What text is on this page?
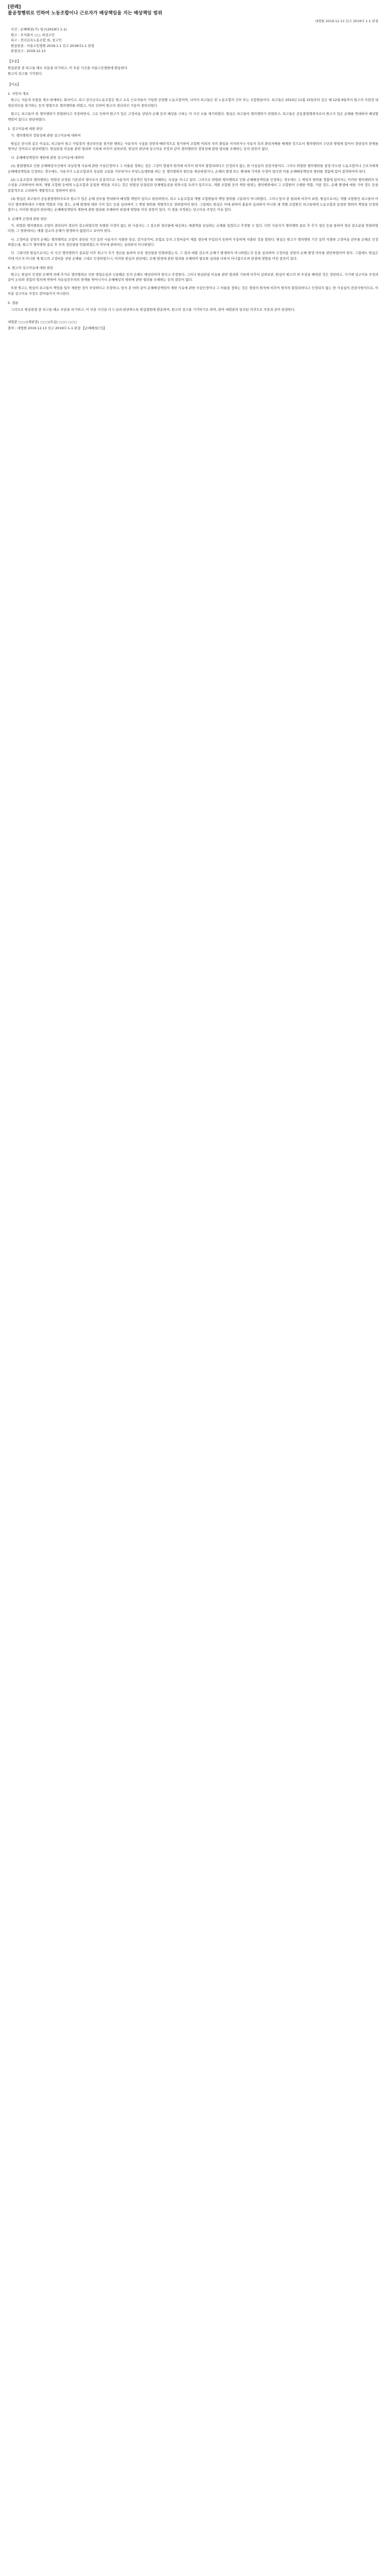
[판례]

불공정행위로 인하여 노동조합이나 근로자가 배상책임을 지는 배상책임 범위

대법원 2019.12.13 선고 2019다 1-1 판결

사건 : 손해배상(기) 청구(2019다 1-1)
원고 : 주식회사 ○○, 피상고인
피고 : 전국금속노동조합 외, 상고인
원심판결 : 서울고등법원 2019.1.1 선고 2018나1-1 판결
판결선고 : 2019.12.13

【주문】

원심판결 중 피고들 패소 부분을 파기하고, 이 부분 사건을 서울고등법원에 환송한다.
원고의 상고를 기각한다.

【이유】

1. 사안의 개요

원고는 자동차 부품을 제조·판매하는 회사이고, 피고 전국금속노동조합은 원고 소속 근로자들이 가입한 산업별 노동조합이며, 나머지 피고들은 위 노동조합의 간부 또는 조합원들이다. 피고들은 2010년 11월 15일부터 같은 해 12월 9일까지 원고의 사업장 내 생산라인을 점거하는 등의 방법으로 쟁의행위를 하였고, 이로 인하여 원고의 생산라인 가동이 중단되었다.

원고는 피고들의 위 쟁의행위가 위법하다고 주장하면서, 그로 인하여 원고가 입은 고정비용 상당의 손해 등의 배상을 구하는 이 사건 소를 제기하였다. 원심은 피고들의 쟁의행위가 위법하고, 피고들은 공동불법행위자로서 원고가 입은 손해를 연대하여 배상할 책임이 있다고 판단하였다.

2. 상고이유에 대한 판단

가. 쟁의행위의 정당성에 관한 상고이유에 대하여

원심은 판시와 같은 이유로, 피고들이 원고 사업장의 생산라인을 점거한 행위는 사용자의 시설을 전면적·배타적으로 점거하여 조합원 이외의 자의 출입을 저지하거나 사용자 측의 관리지배를 배제한 것으로서 쟁의행위의 수단과 방법에 있어서 정당성의 한계를 벗어난 것이라고 판단하였다. 원심판결 이유를 관련 법리와 기록에 비추어 살펴보면, 원심의 판단에 상고이유 주장과 같이 쟁의행위의 정당성에 관한 법리를 오해하는 등의 잘못이 없다.

나. 손해배상책임의 제한에 관한 상고이유에 대하여

(1) 불법행위로 인한 손해배상사건에서 과실상계 사유에 관한 사실인정이나 그 비율을 정하는 것은 그것이 형평의 원칙에 비추어 현저히 불합리하다고 인정되지 않는 한 사실심의 전권사항이다. 그러나 위법한 쟁의행위를 결정·주도한 노동조합이나 근로자에게 손해배상책임을 인정하는 경우에도, 사용자가 노동조합과의 성실한 교섭을 거부하거나 부당노동행위를 하는 등 쟁의행위의 원인을 제공하였거나, 손해의 발생 또는 확대에 기여한 사정이 있다면 이를 손해배상책임의 범위를 정함에 있어 참작하여야 한다.

(2) 노동조합의 쟁의행위는 헌법상 보장된 기본권의 행사로서 본질적으로 사용자의 정상적인 업무를 저해하는 속성을 지니고 있다. 그러므로 위법한 쟁의행위로 인한 손해배상책임을 인정하는 경우에도 그 책임의 범위를 정함에 있어서는 이러한 쟁의행위의 특수성을 고려하여야 하며, 개별 조합원 등에게 노동조합과 동일한 책임을 지우는 것은 헌법상 단결권과 단체행동권을 위축시킬 우려가 있으므로, 개별 조합원 등의 책임 범위는 쟁의행위에서 그 조합원이 수행한 역할, 가담 정도, 손해 발생에 대한 기여 정도 등을 종합적으로 고려하여 개별적으로 정하여야 한다.

(3) 원심은 피고들이 공동불법행위자로서 원고가 입은 손해 전부를 연대하여 배상할 책임이 있다고 판단하면서, 피고 노동조합과 개별 조합원들의 책임 범위를 구분하지 아니하였다. 그러나 앞서 본 법리에 비추어 보면, 원심으로서는 개별 조합원인 피고들이 이 사건 쟁의행위에서 수행한 역할과 가담 정도, 손해 발생에 대한 기여 정도 등을 심리하여 그 책임 범위를 개별적으로 정하였어야 한다. 그럼에도 원심은 이에 관하여 충분히 심리하지 아니한 채 개별 조합원인 피고들에게 노동조합과 동일한 범위의 책임을 인정하였으니, 이러한 원심의 판단에는 손해배상책임의 제한에 관한 법리를 오해하여 판결에 영향을 미친 잘못이 있다. 이 점을 지적하는 상고이유 주장은 이유 있다.

3. 손해액 산정에 관한 판단

가. 위법한 쟁의행위로 조업이 중단되어 생산이 감소하였다면 특별한 사정이 없는 한 사용자는 그 감소한 생산량에 대응하는 매출액을 상실하는 손해를 입었다고 추정할 수 있다. 다만 사용자가 쟁의행위 종료 후 추가 생산 등을 통하여 생산 감소분을 만회하였다면, 그 범위에서는 매출 감소의 손해가 발생하지 않았다고 보아야 한다.

나. 고정비용 상당의 손해는 쟁의행위로 조업이 중단된 기간 동안 사용자가 지출한 임금, 감가상각비, 보험료 등의 고정비용이 제품 생산에 투입되지 못하여 무용하게 지출된 것을 말한다. 원심은 원고가 쟁의행위 기간 동안 지출한 고정비용 전부를 손해로 인정하였는데, 원고가 쟁의행위 종료 후 부족 생산량을 만회하였는지 여부에 관하여는 심리하지 아니하였다.

다. 그렇다면 원심으로서는 이 사건 쟁의행위가 종료된 이후 원고가 추가 생산을 통하여 부족 생산량을 만회하였는지, 그 결과 매출 감소의 손해가 발생하지 아니하였는지 등을 심리하여 고정비용 상당의 손해 발생 여부를 판단하였어야 한다. 그럼에도 원심은 이에 이르지 아니한 채 원고의 고정비용 상당 손해를 그대로 인정하였으니, 이러한 원심의 판단에는 손해 발생에 관한 법리를 오해하여 필요한 심리를 다하지 아니함으로써 판결에 영향을 미친 잘못이 있다.

4. 원고의 상고이유에 대한 판단

원고는 원심이 인정한 손해액 외에 추가로 쟁의행위로 인한 영업손실과 신용훼손 등의 손해도 배상되어야 한다고 주장한다. 그러나 원심판결 이유를 관련 법리와 기록에 비추어 살펴보면, 원심이 원고의 위 주장을 배척한 것은 정당하고, 거기에 상고이유 주장과 같이 논리와 경험의 법칙에 반하여 자유심증주의의 한계를 벗어나거나 손해배상의 범위에 관한 법리를 오해하는 등의 잘못이 없다.

또한 원고는 원심이 피고들의 책임을 일부 제한한 것이 부당하다고 주장하나, 앞서 본 바와 같이 손해배상책임의 제한 사유에 관한 사실인정이나 그 비율을 정하는 것은 형평의 원칙에 비추어 현저히 불합리하다고 인정되지 않는 한 사실심의 전권사항이므로, 이 부분 상고이유 주장도 받아들이지 아니한다.

5. 결론

그러므로 원심판결 중 피고들 패소 부분을 파기하고, 이 부분 사건을 다시 심리·판단하도록 원심법원에 환송하며, 원고의 상고를 기각하기로 하여, 관여 대법관의 일치된 의견으로 주문과 같이 판결한다.

대법관 ○○○(재판장) ○○○(주심) ○○○ ○○○

출처 : 대법원 2019.12.13 선고 2019다 1-1 판결 【손해배상(기)】
